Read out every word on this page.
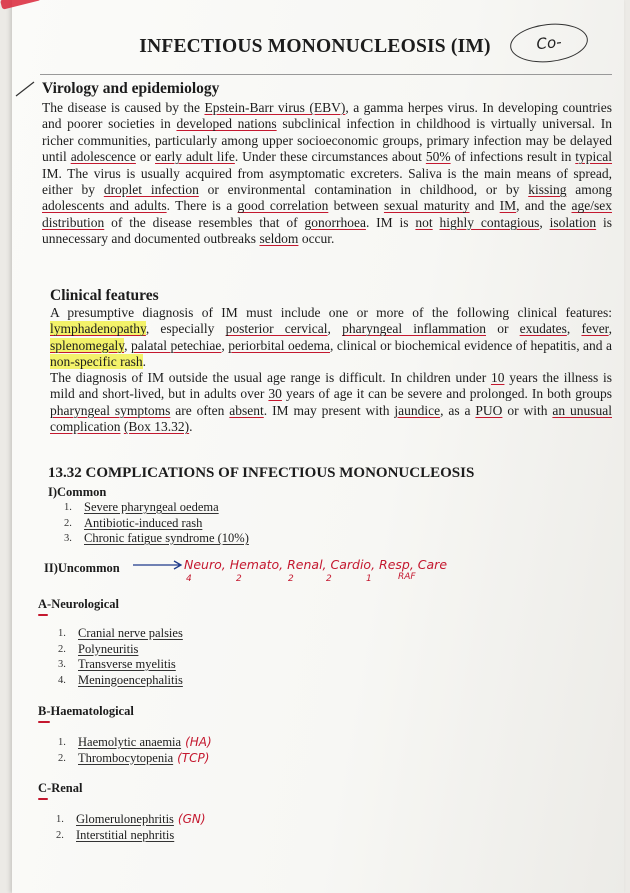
INFECTIOUS MONONUCLEOSIS (IM)	Co-
Virology and epidemiology

The disease is caused by the Epstein-Barr virus (EBV), a gamma herpes virus. In developing countries and poorer societies in developed nations subclinical infection in childhood is virtually universal. In richer communities, particularly among upper socioeconomic groups, primary infection may be delayed until adolescence or early adult life. Under these circumstances about 50% of infections result in typical IM. The virus is usually acquired from asymptomatic excreters. Saliva is the main means of spread, either by droplet infection or environmental contamination in childhood, or by kissing among adolescents and adults. There is a good correlation between sexual maturity and IM, and the age/sex distribution of the disease resembles that of gonorrhoea. IM is not highly contagious, isolation is unnecessary and documented outbreaks seldom occur.

Clinical features

A presumptive diagnosis of IM must include one or more of the following clinical features: lymphadenopathy, especially posterior cervical, pharyngeal inflammation or exudates, fever, splenomegaly, palatal petechiae, periorbital oedema, clinical or biochemical evidence of hepatitis, and a non-specific rash.

The diagnosis of IM outside the usual age range is difficult. In children under 10 years the illness is mild and short-lived, but in adults over 30 years of age it can be severe and prolonged. In both groups pharyngeal symptoms are often absent. IM may present with jaundice, as a PUO or with an unusual complication (Box 13.32).

13.32 COMPLICATIONS OF INFECTIOUS MONONUCLEOSIS
I)Common
1. Severe pharyngeal oedema
2. Antibiotic-induced rash
3. Chronic fatigue syndrome (10%)
II)Uncommon	Neuro, Hemato, Renal, Cardio, Resp, Care
4	2	2	2	1	RAF
A-Neurological
1. Cranial nerve palsies
2. Polyneuritis
3. Transverse myelitis
4. Meningoencephalitis
B-Haematological
1. Haemolytic anaemia (HA)
2. Thrombocytopenia (TCP)
C-Renal
1. Glomerulonephritis (GN)
2. Interstitial nephritis
